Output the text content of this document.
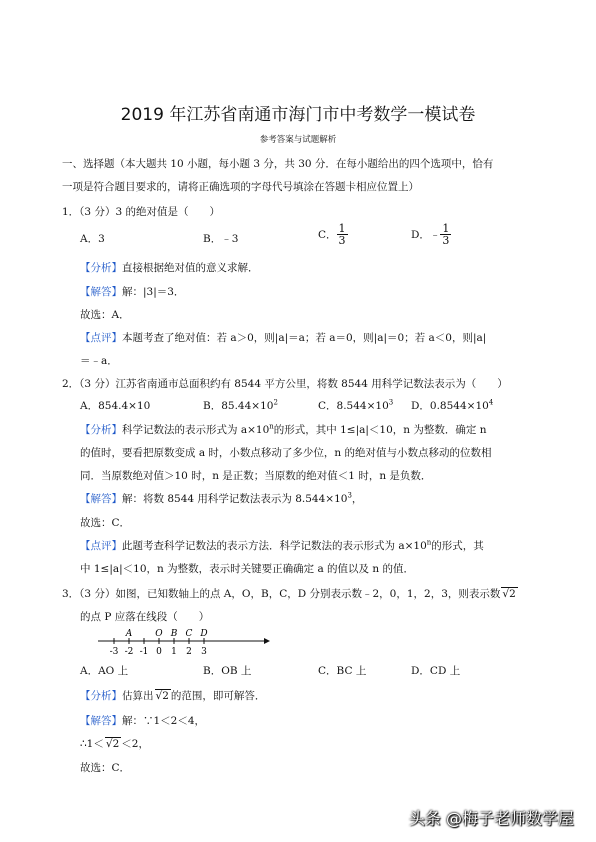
2019 年江苏省南通市海门市中考数学一模试卷
参考答案与试题解析
一、选择题（本大题共 10 小题，每小题 3 分，共 30 分．在每小题给出的四个选项中，恰有
一项是符合题目要求的，请将正确选项的字母代号填涂在答题卡相应位置上）
1．（3 分）3 的绝对值是（　　）
A．3	B．﹣3	C． $\frac{1}{3}$	D．﹣ $\frac{1}{3}$
【分析】直接根据绝对值的意义求解．
【解答】解：|3|＝3．
故选：A．
【点评】本题考查了绝对值：若 a＞0，则|a|＝a；若 a＝0，则|a|＝0；若 a＜0，则|a|
＝﹣a．
2．（3 分）江苏省南通市总面积约有 8544 平方公里，将数 8544 用科学记数法表示为（　　）
A．854.4×10	B．$85.44\times 10^2$	C．$8.544\times 10^3$ D．$0.8544\times 10^4$
【分析】科学记数法的表示形式为 $a\times 10^n$的形式，其中 1≤|a|＜10，n 为整数．确定 n
的值时，要看把原数变成 a 时，小数点移动了多少位，n 的绝对值与小数点移动的位数相
同．当原数绝对值＞10 时，n 是正数；当原数的绝对值＜1 时，n 是负数．
【解答】解：将数 8544 用科学记数法表示为 $8.544\times 10^3$，
故选：C．
【点评】此题考查科学记数法的表示方法．科学记数法的表示形式为 $a\times 10^n$的形式，其
中 1≤|a|＜10，n 为整数，表示时关键要正确确定 a 的值以及 n 的值．
3．（3 分）如图，已知数轴上的点 A，O，B，C，D 分别表示数﹣2，0，1，2，3，则表示数 √2
的点 P 应落在线段（　　）
-3 -2 -1 0 1 2 3
A	O B C D
A．AO 上	B．OB 上	C．BC 上	D．CD 上
【分析】估算出 √2 的范围，即可解答．
【解答】解：∵1＜2＜4，
∴1＜ √2 ＜2，
故选：C．
头条 @梅子老师数学屋
